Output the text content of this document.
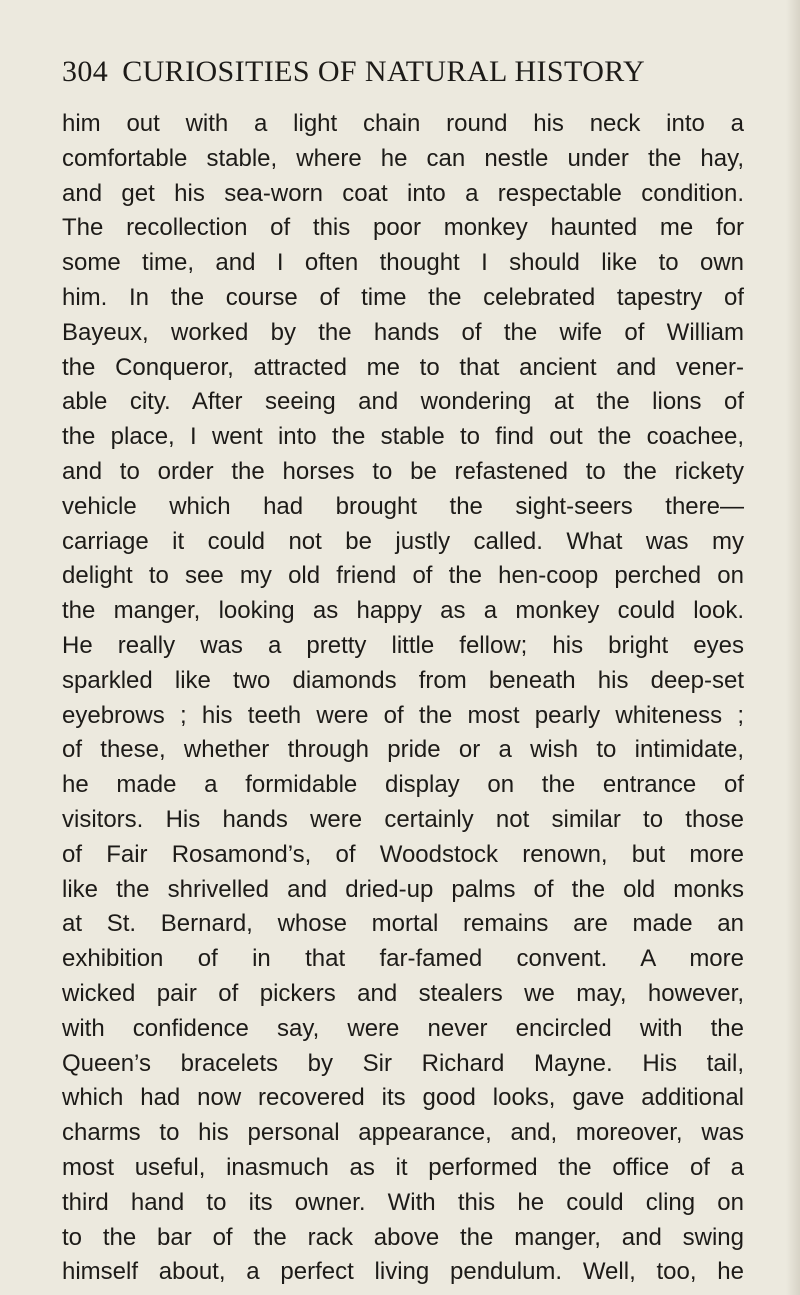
304 CURIOSITIES OF NATURAL HISTORY
him out with a light chain round his neck into a
comfortable stable, where he can nestle under the hay,
and get his sea-worn coat into a respectable condition.
The recollection of this poor monkey haunted me for
some time, and I often thought I should like to own
him. In the course of time the celebrated tapestry of
Bayeux, worked by the hands of the wife of William
the Conqueror, attracted me to that ancient and vener-
able city. After seeing and wondering at the lions of
the place, I went into the stable to find out the coachee,
and to order the horses to be refastened to the rickety
vehicle which had brought the sight-seers there—
carriage it could not be justly called. What was my
delight to see my old friend of the hen-coop perched on
the manger, looking as happy as a monkey could look.
He really was a pretty little fellow; his bright eyes
sparkled like two diamonds from beneath his deep-set
eyebrows ; his teeth were of the most pearly whiteness ;
of these, whether through pride or a wish to intimidate,
he made a formidable display on the entrance of
visitors. His hands were certainly not similar to those
of Fair Rosamond’s, of Woodstock renown, but more
like the shrivelled and dried-up palms of the old monks
at St. Bernard, whose mortal remains are made an
exhibition of in that far-famed convent. A more
wicked pair of pickers and stealers we may, however,
with confidence say, were never encircled with the
Queen’s bracelets by Sir Richard Mayne. His tail,
which had now recovered its good looks, gave additional
charms to his personal appearance, and, moreover, was
most useful, inasmuch as it performed the office of a
third hand to its owner. With this he could cling on
to the bar of the rack above the manger, and swing
himself about, a perfect living pendulum. Well, too, he
